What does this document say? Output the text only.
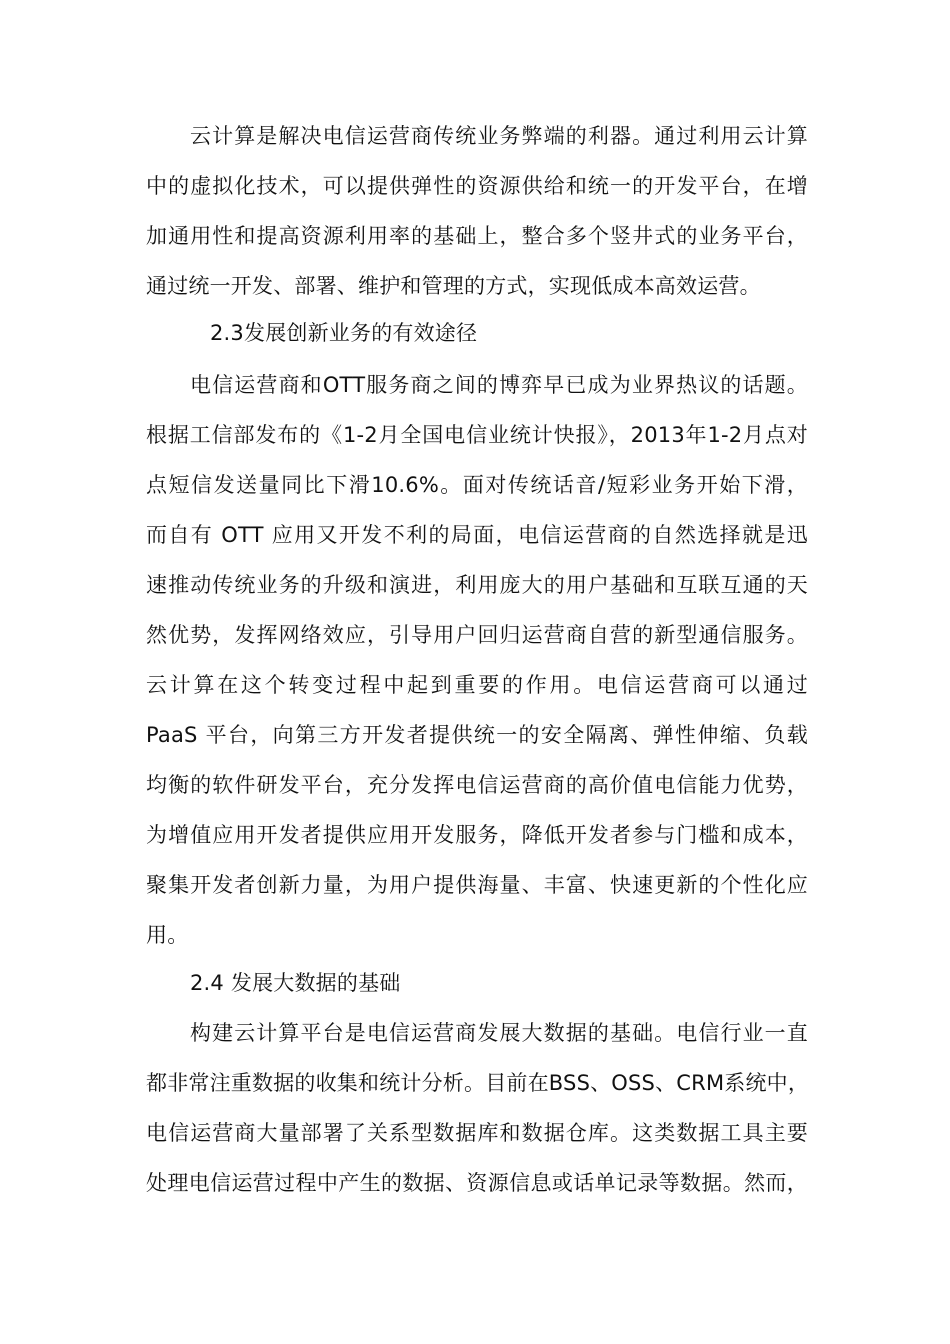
云计算是解决电信运营商传统业务弊端的利器。通过利用云计算
中的虚拟化技术，可以提供弹性的资源供给和统一的开发平台，在增
加通用性和提高资源利用率的基础上，整合多个竖井式的业务平台，
通过统一开发、部署、维护和管理的方式，实现低成本高效运营。
2.3发展创新业务的有效途径
电信运营商和OTT服务商之间的博弈早已成为业界热议的话题。
根据工信部发布的《1-2月全国电信业统计快报》，2013年1-2月点对
点短信发送量同比下滑10.6%。面对传统话音/短彩业务开始下滑，
而自有 OTT 应用又开发不利的局面，电信运营商的自然选择就是迅
速推动传统业务的升级和演进，利用庞大的用户基础和互联互通的天
然优势，发挥网络效应，引导用户回归运营商自营的新型通信服务。
云计算在这个转变过程中起到重要的作用。电信运营商可以通过
PaaS 平台，向第三方开发者提供统一的安全隔离、弹性伸缩、负载
均衡的软件研发平台，充分发挥电信运营商的高价值电信能力优势，
为增值应用开发者提供应用开发服务，降低开发者参与门槛和成本，
聚集开发者创新力量，为用户提供海量、丰富、快速更新的个性化应
用。
2.4 发展大数据的基础
构建云计算平台是电信运营商发展大数据的基础。电信行业一直
都非常注重数据的收集和统计分析。目前在BSS、OSS、CRM系统中，
电信运营商大量部署了关系型数据库和数据仓库。这类数据工具主要
处理电信运营过程中产生的数据、资源信息或话单记录等数据。然而，
